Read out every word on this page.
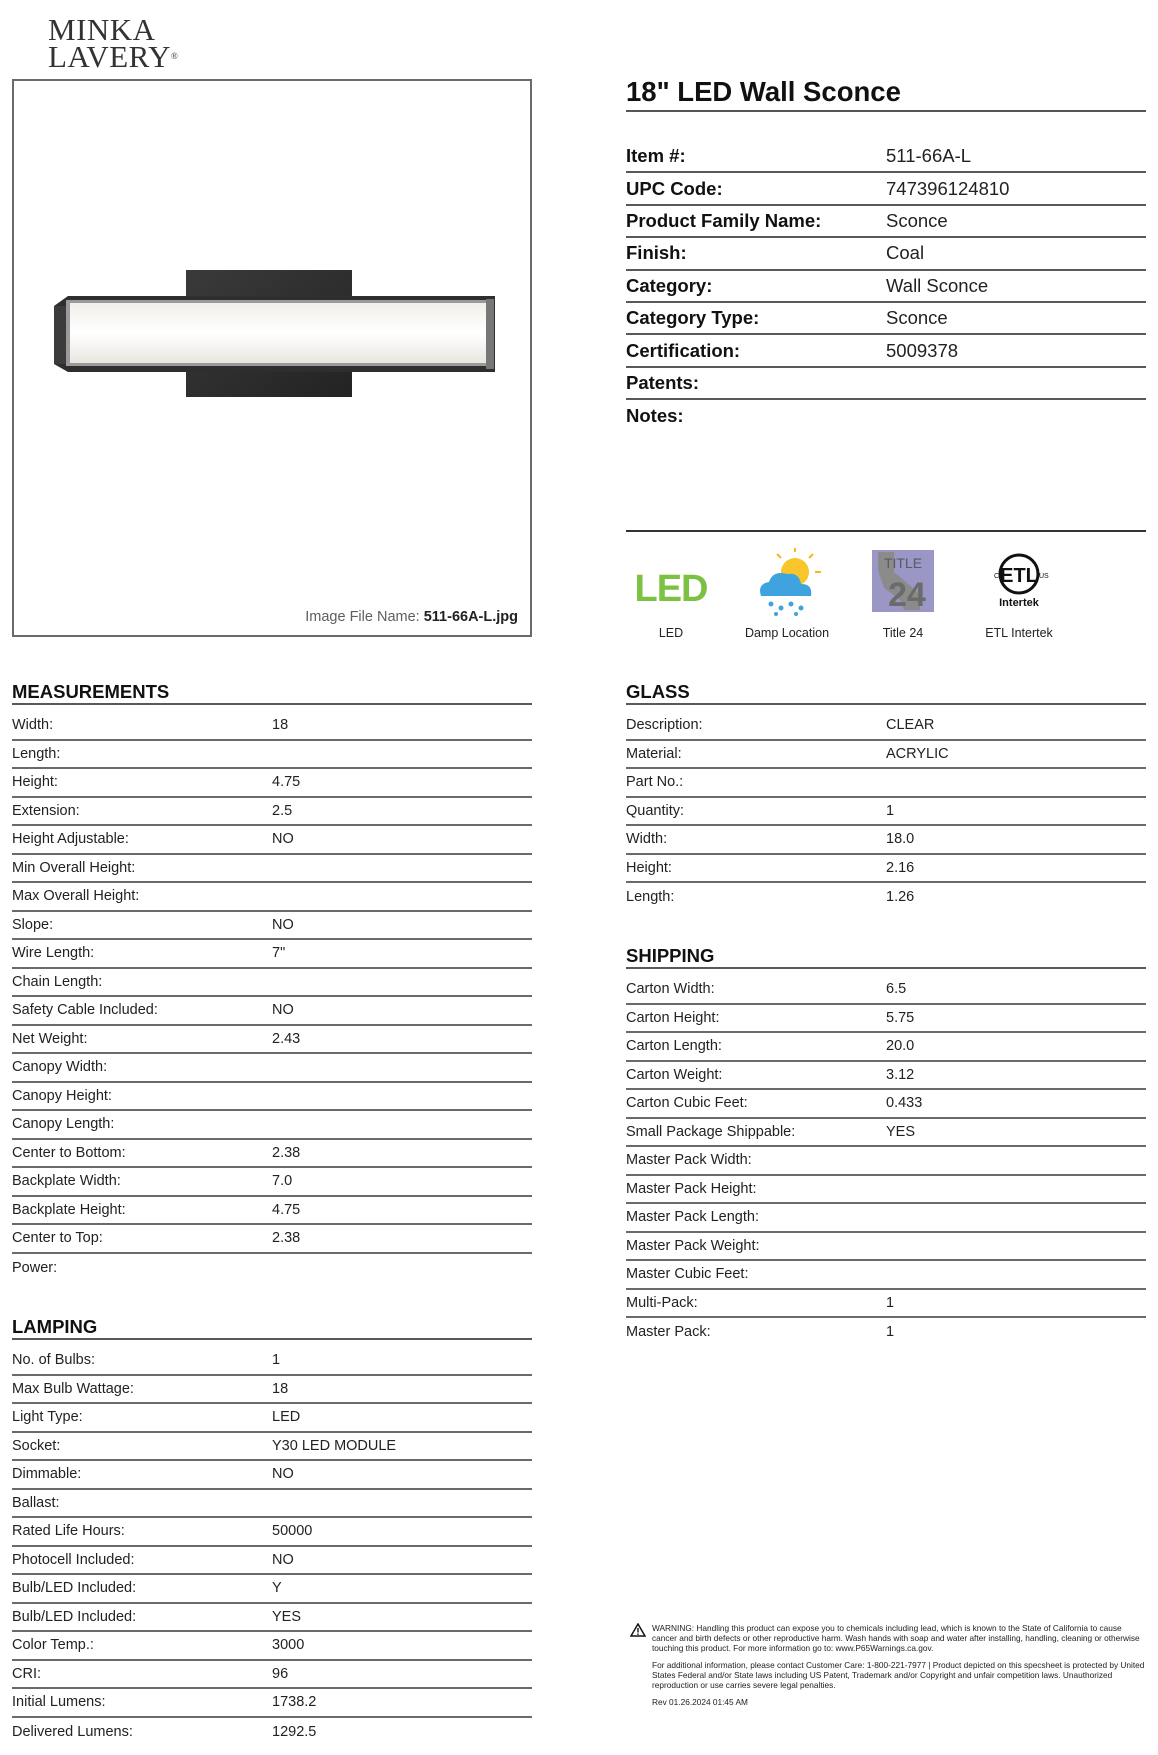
MINKA
LAVERY®
Image File Name: 511-66A-L.jpg
18" LED Wall Sconce
Item #:	511-66A-L
UPC Code:	747396124810
Product Family Name:	Sconce
Finish:	Coal
Category:	Wall Sconce
Category Type:	Sconce
Certification:	5009378
Patents:
Notes:
LED
LED	Damp Location
TITLE
24
Title 24
ETL
C	US
Intertek
ETL Intertek
MEASUREMENTS
Width:	18
Length:
Height:	4.75
Extension:	2.5
Height Adjustable:	NO
Min Overall Height:
Max Overall Height:
Slope:	NO
Wire Length:	7"
Chain Length:
Safety Cable Included:	NO
Net Weight:	2.43
Canopy Width:
Canopy Height:
Canopy Length:
Center to Bottom:	2.38
Backplate Width:	7.0
Backplate Height:	4.75
Center to Top:	2.38
Power:
LAMPING
No. of Bulbs:	1
Max Bulb Wattage:	18
Light Type:	LED
Socket:	Y30 LED MODULE
Dimmable:	NO
Ballast:
Rated Life Hours:	50000
Photocell Included:	NO
Bulb/LED Included:	Y
Bulb/LED Included:	YES
Color Temp.:	3000
CRI:	96
Initial Lumens:	1738.2
Delivered Lumens:	1292.5
GLASS
Description:	CLEAR
Material:	ACRYLIC
Part No.:
Quantity:	1
Width:	18.0
Height:	2.16
Length:	1.26
SHIPPING
Carton Width:	6.5
Carton Height:	5.75
Carton Length:	20.0
Carton Weight:	3.12
Carton Cubic Feet:	0.433
Small Package Shippable:	YES
Master Pack Width:
Master Pack Height:
Master Pack Length:
Master Pack Weight:
Master Cubic Feet:
Multi-Pack:	1
Master Pack:	1
WARNING: Handling this product can expose you to chemicals including lead, which is known to the State of California to cause cancer and birth defects or other reproductive harm. Wash hands with soap and water after installing, handling, cleaning or otherwise touching this product. For more information go to: www.P65Warnings.ca.gov.
For additional information, please contact Customer Care: 1-800-221-7977 | Product depicted on this specsheet is protected by United States Federal and/or State laws including US Patent, Trademark and/or Copyright and unfair competition laws. Unauthorized reproduction or use carries severe legal penalties.
Rev 01.26.2024 01:45 AM
